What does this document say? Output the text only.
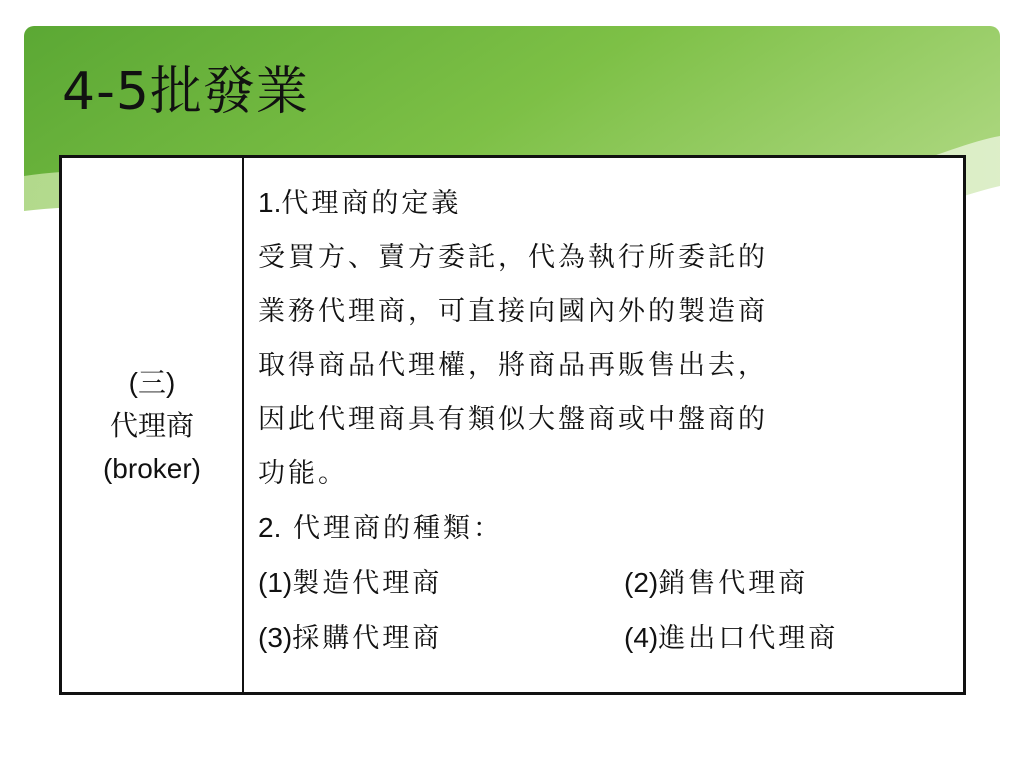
4-5批發業
(三)
代理商
(broker)
1.代理商的定義
受買方、賣方委託，代為執行所委託的
業務代理商，可直接向國內外的製造商
取得商品代理權，將商品再販售出去，
因此代理商具有類似大盤商或中盤商的
功能。
2. 代理商的種類：
(1)製造代理商	(2)銷售代理商
(3)採購代理商	(4)進出口代理商
